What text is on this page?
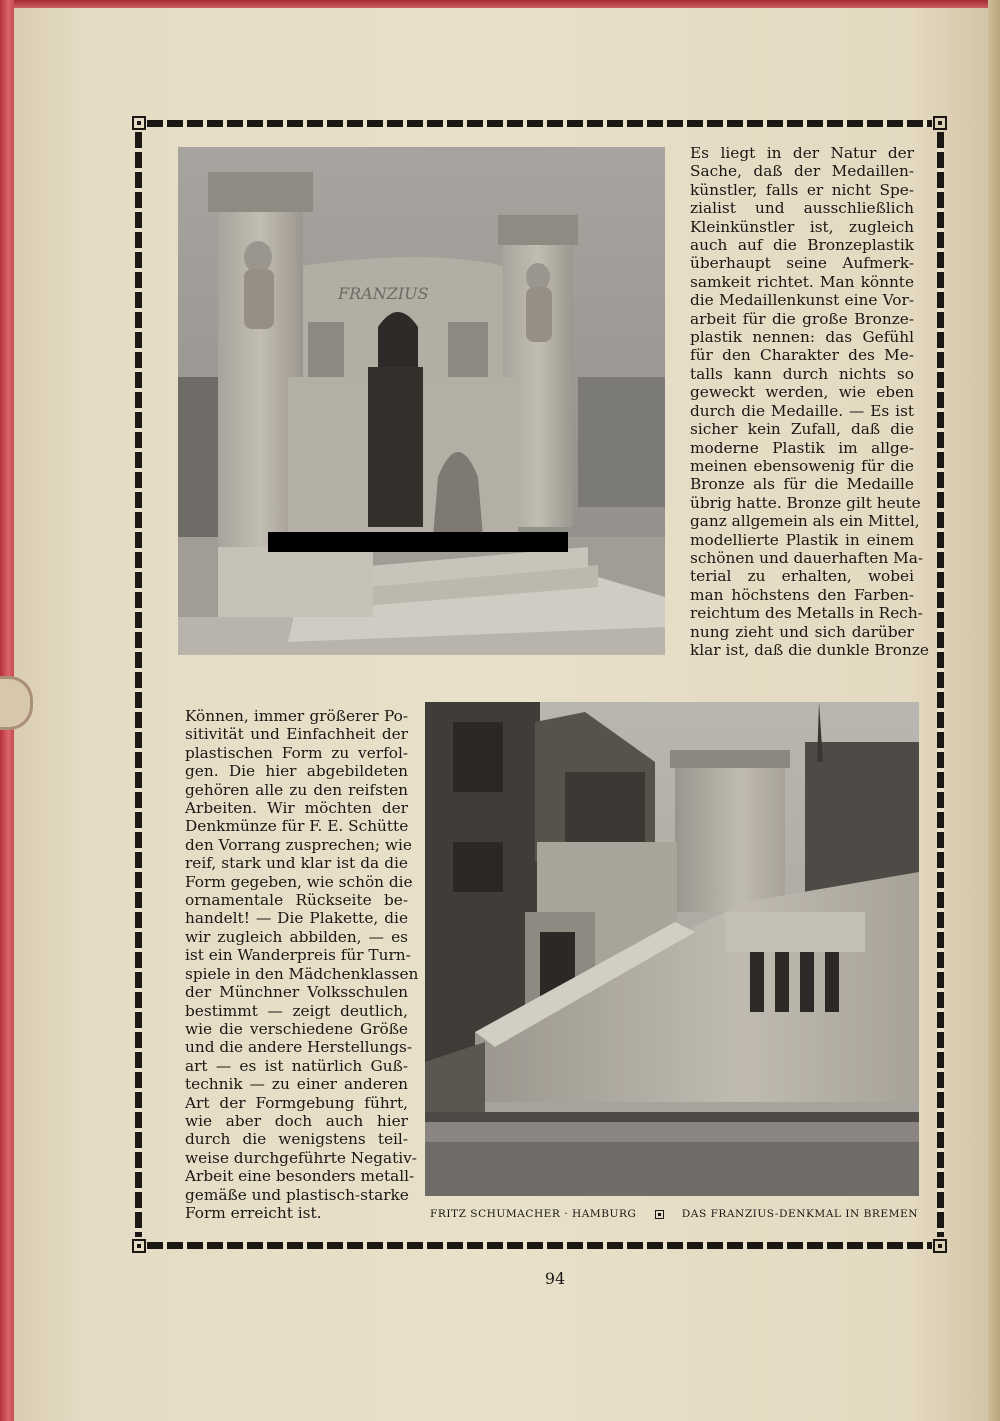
FRANZIUS

Es liegt in der Natur der
Sache, daß der Medaillen-
künstler, falls er nicht Spe-
zialist und ausschließlich
Kleinkünstler ist, zugleich
auch auf die Bronzeplastik
überhaupt seine Aufmerk-
samkeit richtet. Man könnte
die Medaillenkunst eine Vor-
arbeit für die große Bronze-
plastik nennen: das Gefühl
für den Charakter des Me-
talls kann durch nichts so
geweckt werden, wie eben
durch die Medaille. — Es ist
sicher kein Zufall, daß die
moderne Plastik im allge-
meinen ebensowenig für die
Bronze als für die Medaille
übrig hatte. Bronze gilt heute
ganz allgemein als ein Mittel,
modellierte Plastik in einem
schönen und dauerhaften Ma-
terial zu erhalten, wobei
man höchstens den Farben-
reichtum des Metalls in Rech-
nung zieht und sich darüber
klar ist, daß die dunkle Bronze

Können, immer größerer Po-
sitivität und Einfachheit der
plastischen Form zu verfol-
gen. Die hier abgebildeten
gehören alle zu den reifsten
Arbeiten. Wir möchten der
Denkmünze für F. E. Schütte
den Vorrang zusprechen; wie
reif, stark und klar ist da die
Form gegeben, wie schön die
ornamentale Rückseite be-
handelt! — Die Plakette, die
wir zugleich abbilden, — es
ist ein Wanderpreis für Turn-
spiele in den Mädchenklassen
der Münchner Volksschulen
bestimmt — zeigt deutlich,
wie die verschiedene Größe
und die andere Herstellungs-
art — es ist natürlich Guß-
technik — zu einer anderen
Art der Formgebung führt,
wie aber doch auch hier
durch die wenigstens teil-
weise durchgeführte Negativ-
Arbeit eine besonders metall-
gemäße und plastisch-starke
Form erreicht ist.	FRITZ SCHUMACHER · HAMBURG	DAS FRANZIUS-DENKMAL IN BREMEN
94
